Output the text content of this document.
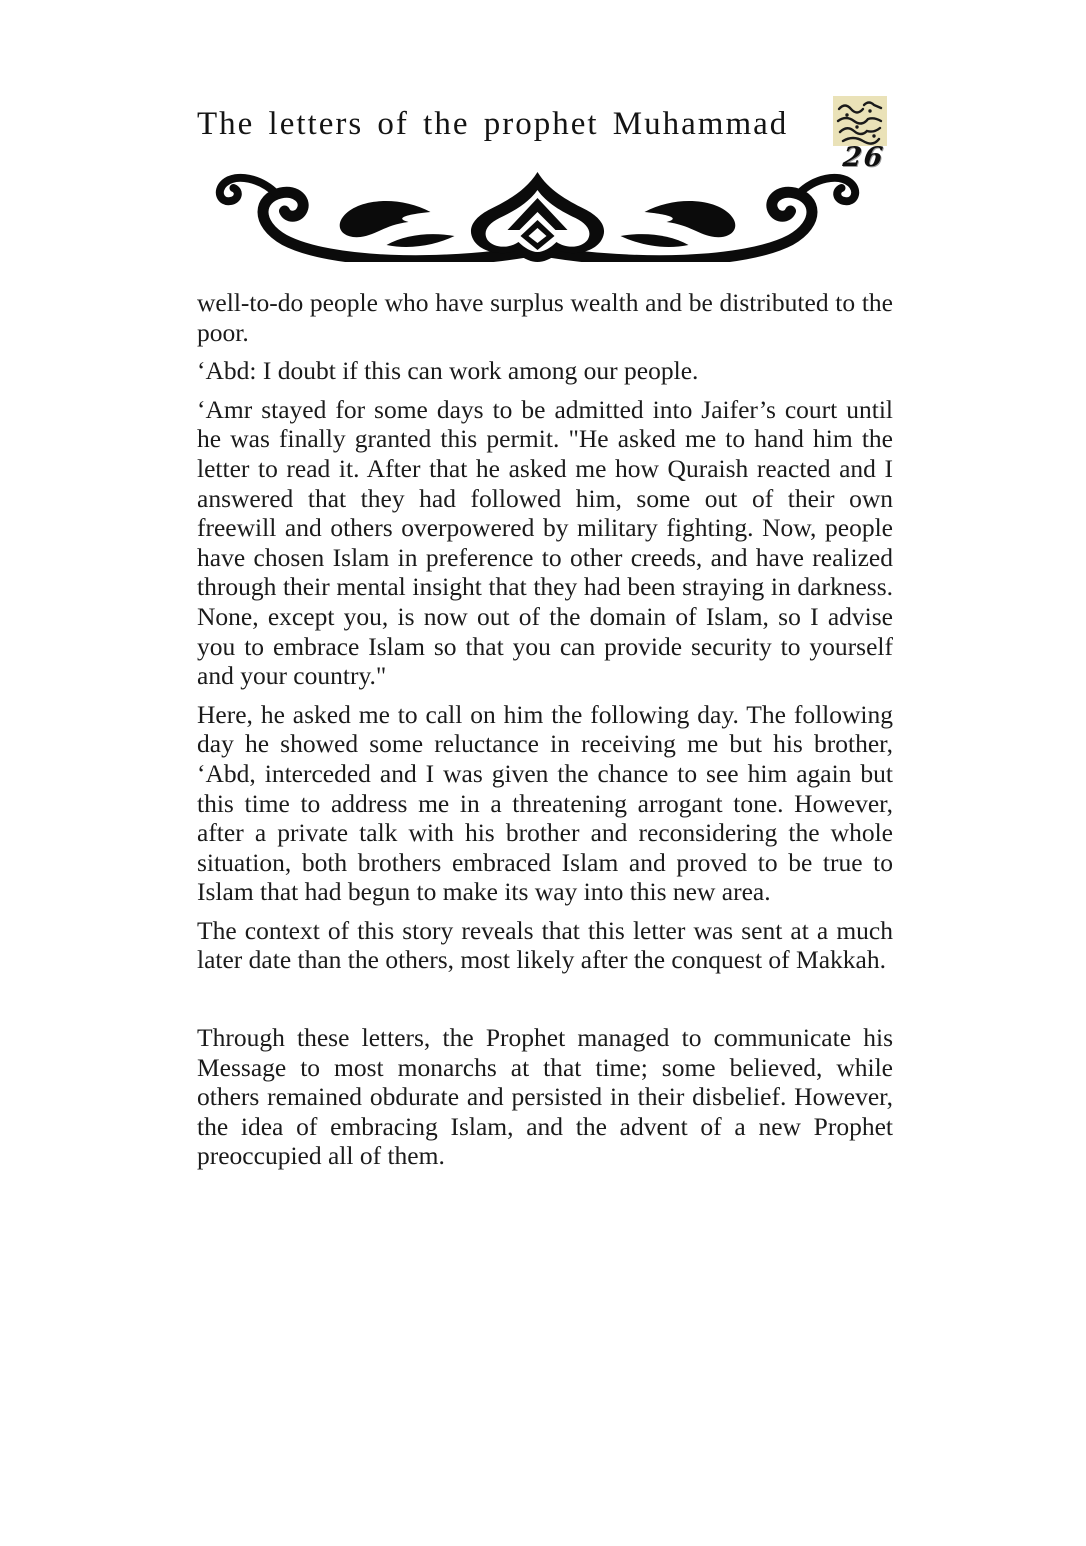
The letters of the prophet Muhammad
26

well-to-do people who have surplus wealth and be distributed to the poor.

‘Abd: I doubt if this can work among our people.

‘Amr stayed for some days to be admitted into Jaifer’s court until he was finally granted this permit. "He asked me to hand him the letter to read it. After that he asked me how Quraish reacted and I answered that they had followed him, some out of their own freewill and others overpowered by military fighting. Now, people have chosen Islam in preference to other creeds, and have realized through their mental insight that they had been straying in darkness. None, except you, is now out of the domain of Islam, so I advise you to embrace Islam so that you can provide security to yourself and your country."

Here, he asked me to call on him the following day. The following day he showed some reluctance in receiving me but his brother, ‘Abd, interceded and I was given the chance to see him again but this time to address me in a threatening arrogant tone. However, after a private talk with his brother and reconsidering the whole situation, both brothers embraced Islam and proved to be true to Islam that had begun to make its way into this new area.

The context of this story reveals that this letter was sent at a much later date than the others, most likely after the conquest of Makkah.

Through these letters, the Prophet managed to communicate his Message to most monarchs at that time; some believed, while others remained obdurate and persisted in their disbelief. However, the idea of embracing Islam, and the advent of a new Prophet preoccupied all of them.
